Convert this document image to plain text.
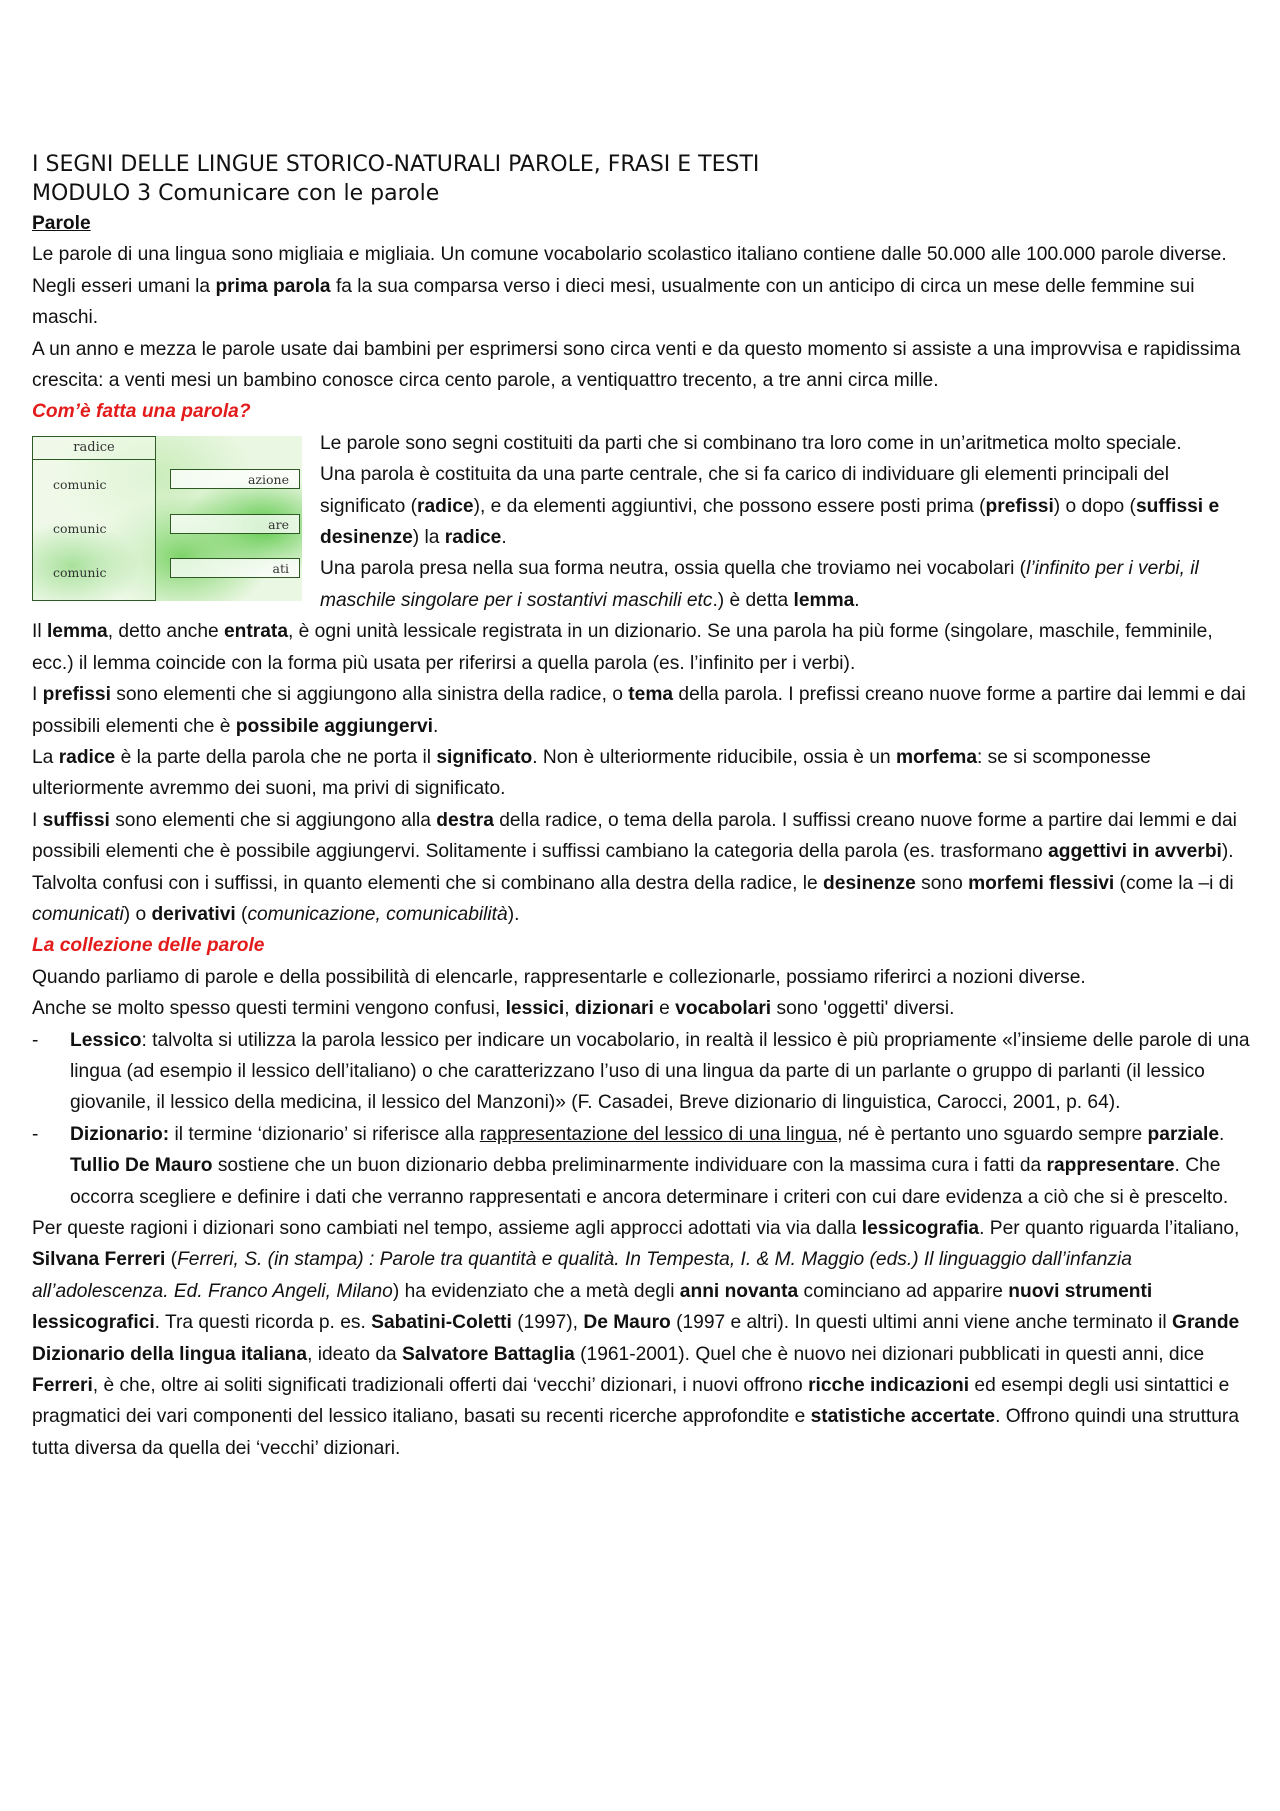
I SEGNI DELLE LINGUE STORICO-NATURALI PAROLE, FRASI E TESTI

MODULO 3 Comunicare con le parole

Parole

Le parole di una lingua sono migliaia e migliaia. Un comune vocabolario scolastico italiano contiene dalle 50.000 alle 100.000 parole diverse.

Negli esseri umani la prima parola fa la sua comparsa verso i dieci mesi, usualmente con un anticipo di circa un mese delle femmine sui maschi.

A un anno e mezza le parole usate dai bambini per esprimersi sono circa venti e da questo momento si assiste a una improvvisa e rapidissima crescita: a venti mesi un bambino conosce circa cento parole, a ventiquattro trecento, a tre anni circa mille.

Com’è fatta una parola?

radice
comunic
comunic
comunic
azione
are
ati

Le parole sono segni costituiti da parti che si combinano tra loro come in un’aritmetica molto speciale.

Una parola è costituita da una parte centrale, che si fa carico di individuare gli elementi principali del significato (radice), e da elementi aggiuntivi, che possono essere posti prima (prefissi) o dopo (suffissi e desinenze) la radice.

Una parola presa nella sua forma neutra, ossia quella che troviamo nei vocabolari (l’infinito per i verbi, il maschile singolare per i sostantivi maschili etc.) è detta lemma.

Il lemma, detto anche entrata, è ogni unità lessicale registrata in un dizionario. Se una parola ha più forme (singolare, maschile, femminile, ecc.) il lemma coincide con la forma più usata per riferirsi a quella parola (es. l’infinito per i verbi).

I prefissi sono elementi che si aggiungono alla sinistra della radice, o tema della parola. I prefissi creano nuove forme a partire dai lemmi e dai possibili elementi che è possibile aggiungervi.

La radice è la parte della parola che ne porta il significato. Non è ulteriormente riducibile, ossia è un morfema: se si scomponesse ulteriormente avremmo dei suoni, ma privi di significato.

I suffissi sono elementi che si aggiungono alla destra della radice, o tema della parola. I suffissi creano nuove forme a partire dai lemmi e dai possibili elementi che è possibile aggiungervi. Solitamente i suffissi cambiano la categoria della parola (es. trasformano aggettivi in avverbi).

Talvolta confusi con i suffissi, in quanto elementi che si combinano alla destra della radice, le desinenze sono morfemi flessivi (come la –i di comunicati) o derivativi (comunicazione, comunicabilità).

La collezione delle parole

Quando parliamo di parole e della possibilità di elencarle, rappresentarle e collezionarle, possiamo riferirci a nozioni diverse.

Anche se molto spesso questi termini vengono confusi, lessici, dizionari e vocabolari sono 'oggetti' diversi.

- Lessico: talvolta si utilizza la parola lessico per indicare un vocabolario, in realtà il lessico è più propriamente «l’insieme delle parole di una lingua (ad esempio il lessico dell’italiano) o che caratterizzano l’uso di una lingua da parte di un parlante o gruppo di parlanti (il lessico giovanile, il lessico della medicina, il lessico del Manzoni)» (F. Casadei, Breve dizionario di linguistica, Carocci, 2001, p. 64).
- Dizionario: il termine ‘dizionario’ si riferisce alla rappresentazione del lessico di una lingua, né è pertanto uno sguardo sempre parziale. Tullio De Mauro sostiene che un buon dizionario debba preliminarmente individuare con la massima cura i fatti da rappresentare. Che occorra scegliere e definire i dati che verranno rappresentati e ancora determinare i criteri con cui dare evidenza a ciò che si è prescelto.

Per queste ragioni i dizionari sono cambiati nel tempo, assieme agli approcci adottati via via dalla lessicografia. Per quanto riguarda l’italiano, Silvana Ferreri (Ferreri, S. (in stampa) : Parole tra quantità e qualità. In Tempesta, I. & M. Maggio (eds.) Il linguaggio dall’infanzia all’adolescenza. Ed. Franco Angeli, Milano) ha evidenziato che a metà degli anni novanta cominciano ad apparire nuovi strumenti lessicografici. Tra questi ricorda p. es. Sabatini-Coletti (1997), De Mauro (1997 e altri). In questi ultimi anni viene anche terminato il Grande Dizionario della lingua italiana, ideato da Salvatore Battaglia (1961-2001). Quel che è nuovo nei dizionari pubblicati in questi anni, dice Ferreri, è che, oltre ai soliti significati tradizionali offerti dai ‘vecchi’ dizionari, i nuovi offrono ricche indicazioni ed esempi degli usi sintattici e pragmatici dei vari componenti del lessico italiano, basati su recenti ricerche approfondite e statistiche accertate. Offrono quindi una struttura tutta diversa da quella dei ‘vecchi’ dizionari.
